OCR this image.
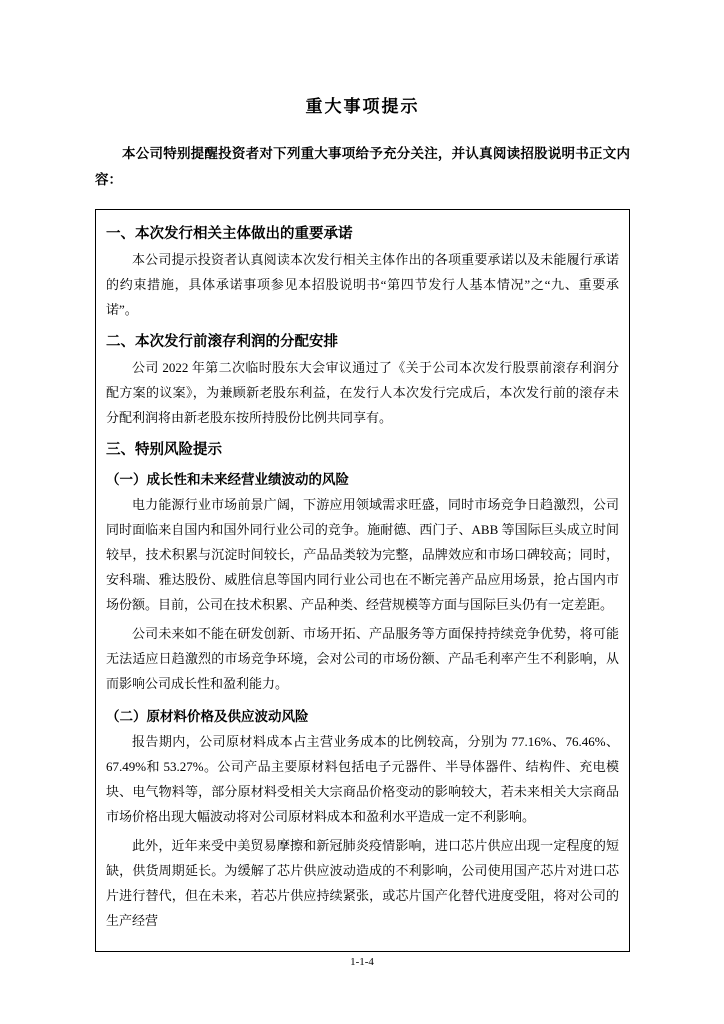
重大事项提示

本公司特别提醒投资者对下列重大事项给予充分关注，并认真阅读招股说明书正文内容：

一、本次发行相关主体做出的重要承诺

本公司提示投资者认真阅读本次发行相关主体作出的各项重要承诺以及未能履行承诺的约束措施，具体承诺事项参见本招股说明书“第四节发行人基本情况”之“九、重要承诺”。

二、本次发行前滚存利润的分配安排

公司 2022 年第二次临时股东大会审议通过了《关于公司本次发行股票前滚存利润分配方案的议案》，为兼顾新老股东利益，在发行人本次发行完成后，本次发行前的滚存未分配利润将由新老股东按所持股份比例共同享有。

三、特别风险提示
（一）成长性和未来经营业绩波动的风险

电力能源行业市场前景广阔，下游应用领域需求旺盛，同时市场竞争日趋激烈，公司同时面临来自国内和国外同行业公司的竞争。施耐德、西门子、ABB 等国际巨头成立时间较早，技术积累与沉淀时间较长，产品品类较为完整，品牌效应和市场口碑较高；同时，安科瑞、雅达股份、威胜信息等国内同行业公司也在不断完善产品应用场景，抢占国内市场份额。目前，公司在技术积累、产品种类、经营规模等方面与国际巨头仍有一定差距。

公司未来如不能在研发创新、市场开拓、产品服务等方面保持持续竞争优势，将可能无法适应日趋激烈的市场竞争环境，会对公司的市场份额、产品毛利率产生不利影响，从而影响公司成长性和盈利能力。

（二）原材料价格及供应波动风险

报告期内，公司原材料成本占主营业务成本的比例较高，分别为 77.16%、76.46%、67.49%和 53.27%。公司产品主要原材料包括电子元器件、半导体器件、结构件、充电模块、电气物料等，部分原材料受相关大宗商品价格变动的影响较大，若未来相关大宗商品市场价格出现大幅波动将对公司原材料成本和盈利水平造成一定不利影响。

此外，近年来受中美贸易摩擦和新冠肺炎疫情影响，进口芯片供应出现一定程度的短缺，供货周期延长。为缓解了芯片供应波动造成的不利影响，公司使用国产芯片对进口芯片进行替代，但在未来，若芯片供应持续紧张，或芯片国产化替代进度受阻，将对公司的生产经营

1-1-4
